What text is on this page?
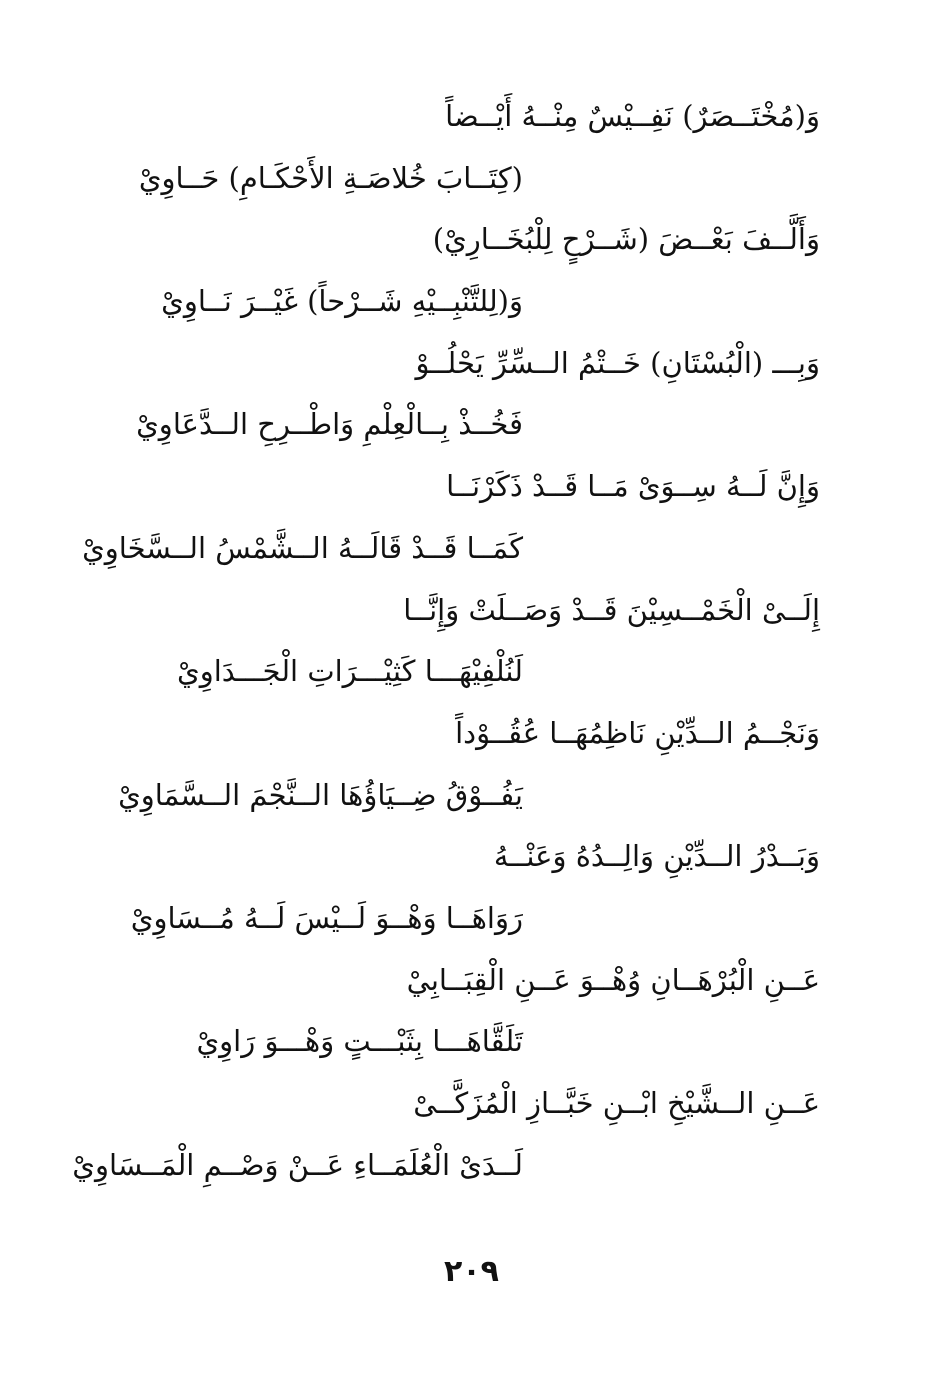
وَ(مُخْتَــصَرٌ) نَفِــيْسٌ مِنْــهُ أَيْــضاً
(كِتَــابَ خُلاصَـةِ الأَحْكَـامِ) حَــاوِيْ
وَأَلَّــفَ بَعْــضَ (شَــرْحٍ لِلْبُخَــارِيْ)
وَ(لِلتَّنْبِــيْهِ شَــرْحاً) غَيْــرَ نَــاوِيْ
وَبِـــ (الْبُسْتَانِ) خَــتْمُ الــسِّرِّ يَحْلُــوْ
فَخُــذْ بِــالْعِلْمِ وَاطْــرِحِ الــدَّعَاوِيْ
وَإِنَّ لَــهُ سِــوَىْ مَــا قَــدْ ذَكَرْنَــا
كَمَــا قَــدْ قَالَــهُ الــشَّمْسُ الــسَّخَاوِيْ
إِلَــىْ الْخَمْــسِيْنَ قَــدْ وَصَــلَتْ وَإِنَّــا
لَنُلْفِيْهَـــا كَثِيْـــرَاتِ الْجَـــدَاوِيْ
وَنَجْــمُ الــدِّيْنِ نَاظِمُهَــا عُقُــوْداً
يَفُــوْقُ ضِــيَاؤُهَا الــنَّجْمَ الــسَّمَاوِيْ
وَبَــدْرُ الــدِّيْنِ وَالِــدُهُ وَعَنْــهُ
رَوَاهَــا وَهْــوَ لَــيْسَ لَــهُ مُــسَاوِيْ
عَــنِ الْبُرْهَــانِ وُهْــوَ عَــنِ الْقِبَــابِيْ
تَلَقَّاهَـــا بِثَبْـــتٍ وَهْـــوَ رَاوِيْ
عَــنِ الــشَّيْخِ ابْــنِ خَبَّــازِ الْمُزَكَّــىْ
لَــدَىْ الْعُلَمَــاءِ عَــنْ وَصْــمِ الْمَــسَاوِيْ
٢٠٩
